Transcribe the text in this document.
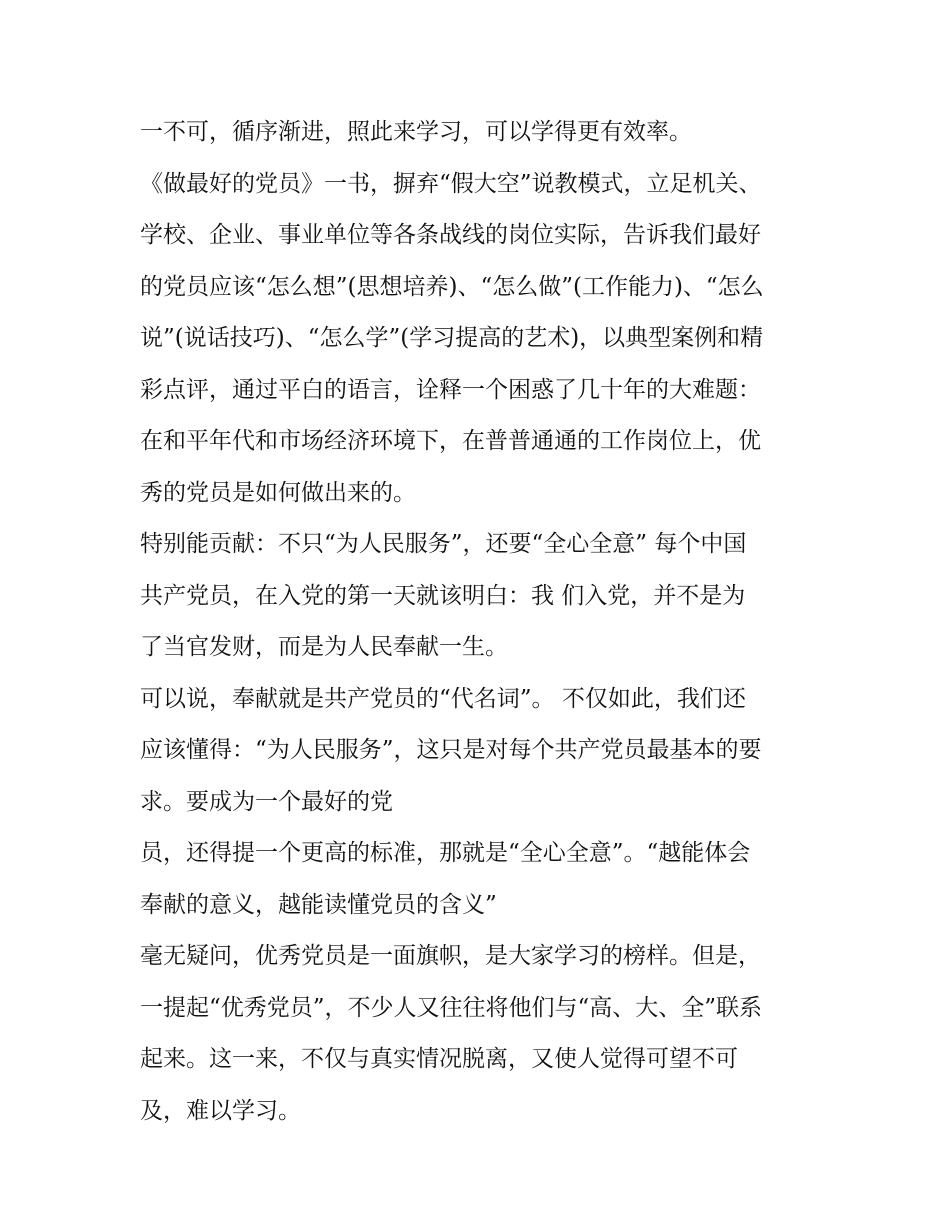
一不可，循序渐进，照此来学习，可以学得更有效率。

《做最好的党员》一书，摒弃“假大空”说教模式，立足机关、

学校、企业、事业单位等各条战线的岗位实际，告诉我们最好

的党员应该“怎么想”(思想培养)、“怎么做”(工作能力)、“怎么

说”(说话技巧)、“怎么学”(学习提高的艺术)，以典型案例和精

彩点评，通过平白的语言，诠释一个困惑了几十年的大难题：

在和平年代和市场经济环境下，在普普通通的工作岗位上，优

秀的党员是如何做出来的。

特别能贡献：不只“为人民服务”，还要“全心全意” 每个中国

共产党员，在入党的第一天就该明白：我 们入党，并不是为

了当官发财，而是为人民奉献一生。

可以说，奉献就是共产党员的“代名词”。 不仅如此，我们还

应该懂得：“为人民服务”，这只是对每个共产党员最基本的要

求。要成为一个最好的党

员，还得提一个更高的标准，那就是“全心全意”。“越能体会

奉献的意义，越能读懂党员的含义”

毫无疑问，优秀党员是一面旗帜，是大家学习的榜样。但是，

一提起“优秀党员”，不少人又往往将他们与“高、大、全”联系

起来。这一来，不仅与真实情况脱离，又使人觉得可望不可

及，难以学习。
